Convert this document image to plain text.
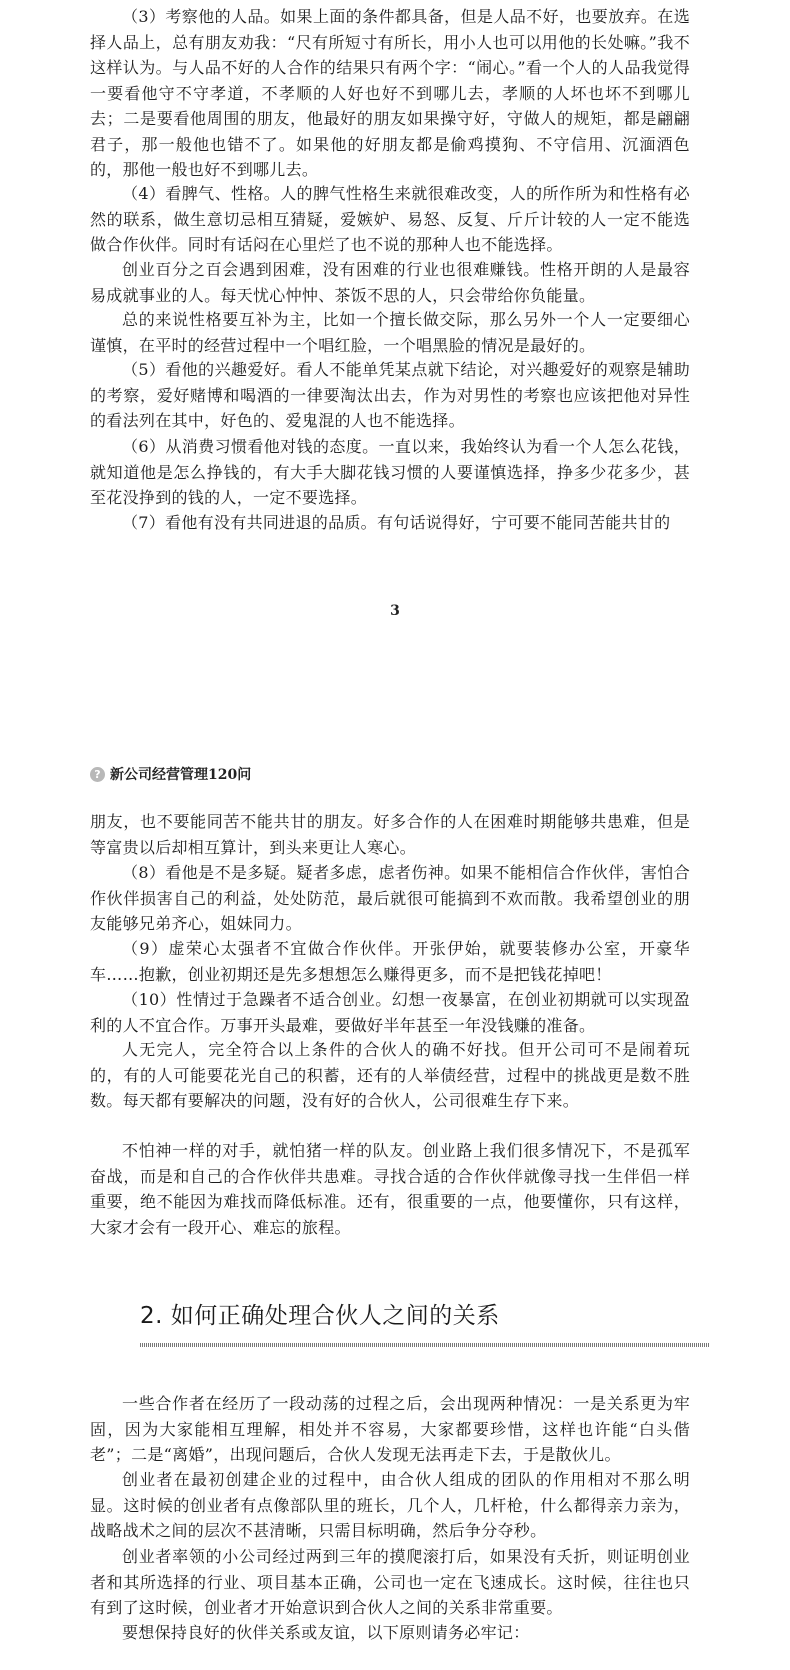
（3）考察他的人品。如果上面的条件都具备，但是人品不好，也要放弃。在选择人品上，总有朋友劝我：“尺有所短寸有所长，用小人也可以用他的长处嘛。”我不这样认为。与人品不好的人合作的结果只有两个字：“闹心。”看一个人的人品我觉得一要看他守不守孝道，不孝顺的人好也好不到哪儿去，孝顺的人坏也坏不到哪儿去；二是要看他周围的朋友，他最好的朋友如果操守好，守做人的规矩，都是翩翩君子，那一般他也错不了。如果他的好朋友都是偷鸡摸狗、不守信用、沉湎酒色的，那他一般也好不到哪儿去。

（4）看脾气、性格。人的脾气性格生来就很难改变，人的所作所为和性格有必然的联系，做生意切忌相互猜疑，爱嫉妒、易怒、反复、斤斤计较的人一定不能选做合作伙伴。同时有话闷在心里烂了也不说的那种人也不能选择。

创业百分之百会遇到困难，没有困难的行业也很难赚钱。性格开朗的人是最容易成就事业的人。每天忧心忡忡、茶饭不思的人，只会带给你负能量。

总的来说性格要互补为主，比如一个擅长做交际，那么另外一个人一定要细心谨慎，在平时的经营过程中一个唱红脸，一个唱黑脸的情况是最好的。

（5）看他的兴趣爱好。看人不能单凭某点就下结论，对兴趣爱好的观察是辅助的考察，爱好赌博和喝酒的一律要淘汰出去，作为对男性的考察也应该把他对异性的看法列在其中，好色的、爱鬼混的人也不能选择。

（6）从消费习惯看他对钱的态度。一直以来，我始终认为看一个人怎么花钱，就知道他是怎么挣钱的，有大手大脚花钱习惯的人要谨慎选择，挣多少花多少，甚至花没挣到的钱的人，一定不要选择。

（7）看他有没有共同进退的品质。有句话说得好，宁可要不能同苦能共甘的

3
? 新公司经营管理120问

朋友，也不要能同苦不能共甘的朋友。好多合作的人在困难时期能够共患难，但是等富贵以后却相互算计，到头来更让人寒心。

（8）看他是不是多疑。疑者多虑，虑者伤神。如果不能相信合作伙伴，害怕合作伙伴损害自己的利益，处处防范，最后就很可能搞到不欢而散。我希望创业的朋友能够兄弟齐心，姐妹同力。

（9）虚荣心太强者不宜做合作伙伴。开张伊始，就要装修办公室，开豪华车……抱歉，创业初期还是先多想想怎么赚得更多，而不是把钱花掉吧！

（10）性情过于急躁者不适合创业。幻想一夜暴富，在创业初期就可以实现盈利的人不宜合作。万事开头最难，要做好半年甚至一年没钱赚的准备。

人无完人，完全符合以上条件的合伙人的确不好找。但开公司可不是闹着玩的，有的人可能要花光自己的积蓄，还有的人举债经营，过程中的挑战更是数不胜数。每天都有要解决的问题，没有好的合伙人，公司很难生存下来。

不怕神一样的对手，就怕猪一样的队友。创业路上我们很多情况下，不是孤军奋战，而是和自己的合作伙伴共患难。寻找合适的合作伙伴就像寻找一生伴侣一样重要，绝不能因为难找而降低标准。还有，很重要的一点，他要懂你，只有这样，大家才会有一段开心、难忘的旅程。

2. 如何正确处理合伙人之间的关系

一些合作者在经历了一段动荡的过程之后，会出现两种情况：一是关系更为牢固，因为大家能相互理解，相处并不容易，大家都要珍惜，这样也许能“白头偕老”；二是“离婚”，出现问题后，合伙人发现无法再走下去，于是散伙儿。

创业者在最初创建企业的过程中，由合伙人组成的团队的作用相对不那么明显。这时候的创业者有点像部队里的班长，几个人，几杆枪，什么都得亲力亲为，战略战术之间的层次不甚清晰，只需目标明确，然后争分夺秒。

创业者率领的小公司经过两到三年的摸爬滚打后，如果没有夭折，则证明创业者和其所选择的行业、项目基本正确，公司也一定在飞速成长。这时候，往往也只有到了这时候，创业者才开始意识到合伙人之间的关系非常重要。

要想保持良好的伙伴关系或友谊，以下原则请务必牢记：
